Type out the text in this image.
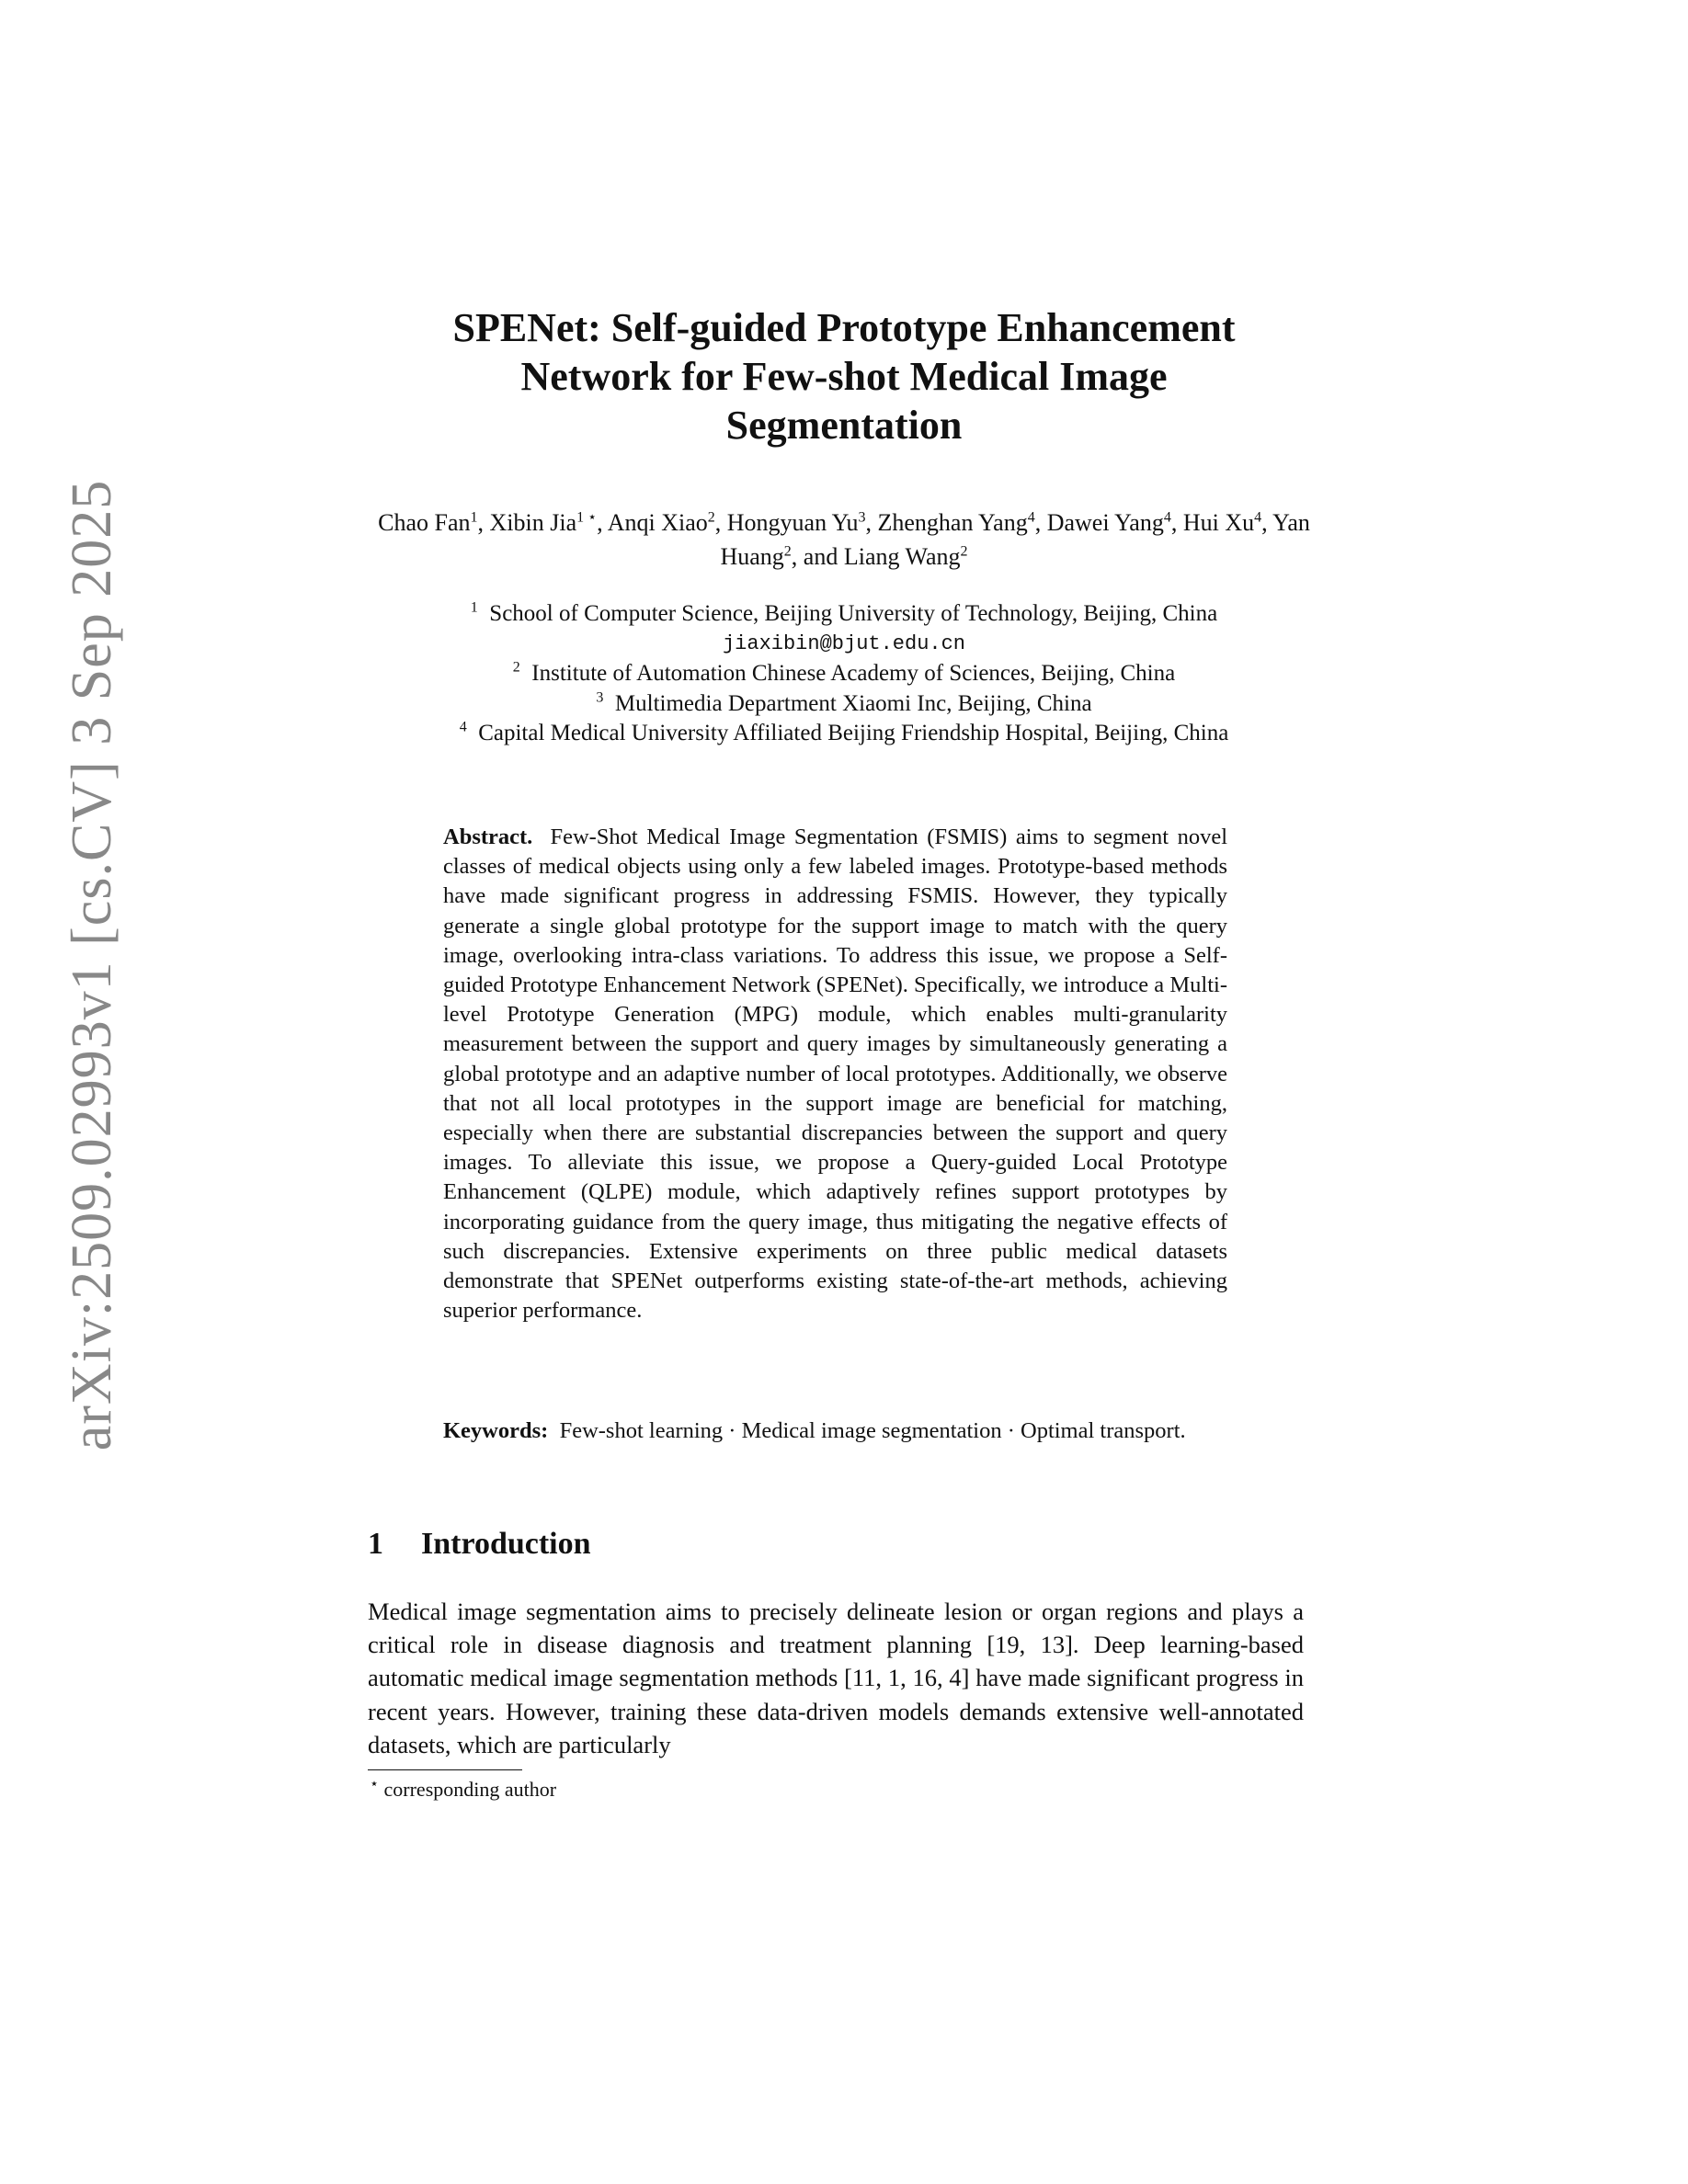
arXiv:2509.02993v1 [cs.CV] 3 Sep 2025
SPENet: Self-guided Prototype Enhancement
Network for Few-shot Medical Image
Segmentation
Chao Fan$^1$, Xibin Jia$^{1 ⋆}$, Anqi Xiao$^2$, Hongyuan Yu$^3$, Zhenghan Yang$^4$, Dawei Yang$^4$, Hui Xu$^4$, Yan Huang$^2$, and Liang Wang$^2$
$^1$ School of Computer Science, Beijing University of Technology, Beijing, China
jiaxibin@bjut.edu.cn
$^2$ Institute of Automation Chinese Academy of Sciences, Beijing, China
$^3$ Multimedia Department Xiaomi Inc, Beijing, China
$^4$ Capital Medical University Affiliated Beijing Friendship Hospital, Beijing, China
Abstract. Few-Shot Medical Image Segmentation (FSMIS) aims to segment novel classes of medical objects using only a few labeled images. Prototype-based methods have made significant progress in addressing FSMIS. However, they typically generate a single global prototype for the support image to match with the query image, overlooking intra-class variations. To address this issue, we propose a Self-guided Prototype Enhancement Network (SPENet). Specifically, we introduce a Multi-level Prototype Generation (MPG) module, which enables multi-granularity measurement between the support and query images by simultaneously generating a global prototype and an adaptive number of local prototypes. Additionally, we observe that not all local prototypes in the support image are beneficial for matching, especially when there are substantial discrepancies between the support and query images. To alleviate this issue, we propose a Query-guided Local Prototype Enhancement (QLPE) module, which adaptively refines support prototypes by incorporating guidance from the query image, thus mitigating the negative effects of such discrepancies. Extensive experiments on three public medical datasets demonstrate that SPENet outperforms existing state-of-the-art methods, achieving superior performance.
Keywords: Few-shot learning · Medical image segmentation · Optimal transport.
1 Introduction
Medical image segmentation aims to precisely delineate lesion or organ regions and plays a critical role in disease diagnosis and treatment planning [19, 13]. Deep learning-based automatic medical image segmentation methods [11, 1, 16, 4] have made significant progress in recent years. However, training these data-driven models demands extensive well-annotated datasets, which are particularly
⋆ corresponding author
